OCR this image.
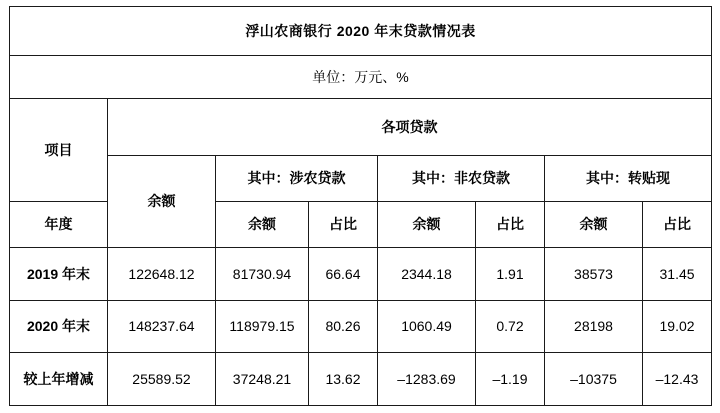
浮山农商银行 2020 年末贷款情况表							
单位：万元、%							
项目	各项贷款						
	余额	其中：涉农贷款		其中：非农贷款		其中：转贴现	
年度		余额	占比	余额	占比	余额	占比
2019 年末	122648.12	81730.94	66.64	2344.18	1.91	38573	31.45
2020 年末	148237.64	118979.15	80.26	1060.49	0.72	28198	19.02
较上年增减	25589.52	37248.21	13.62	–1283.69	–1.19	–10375	–12.43
